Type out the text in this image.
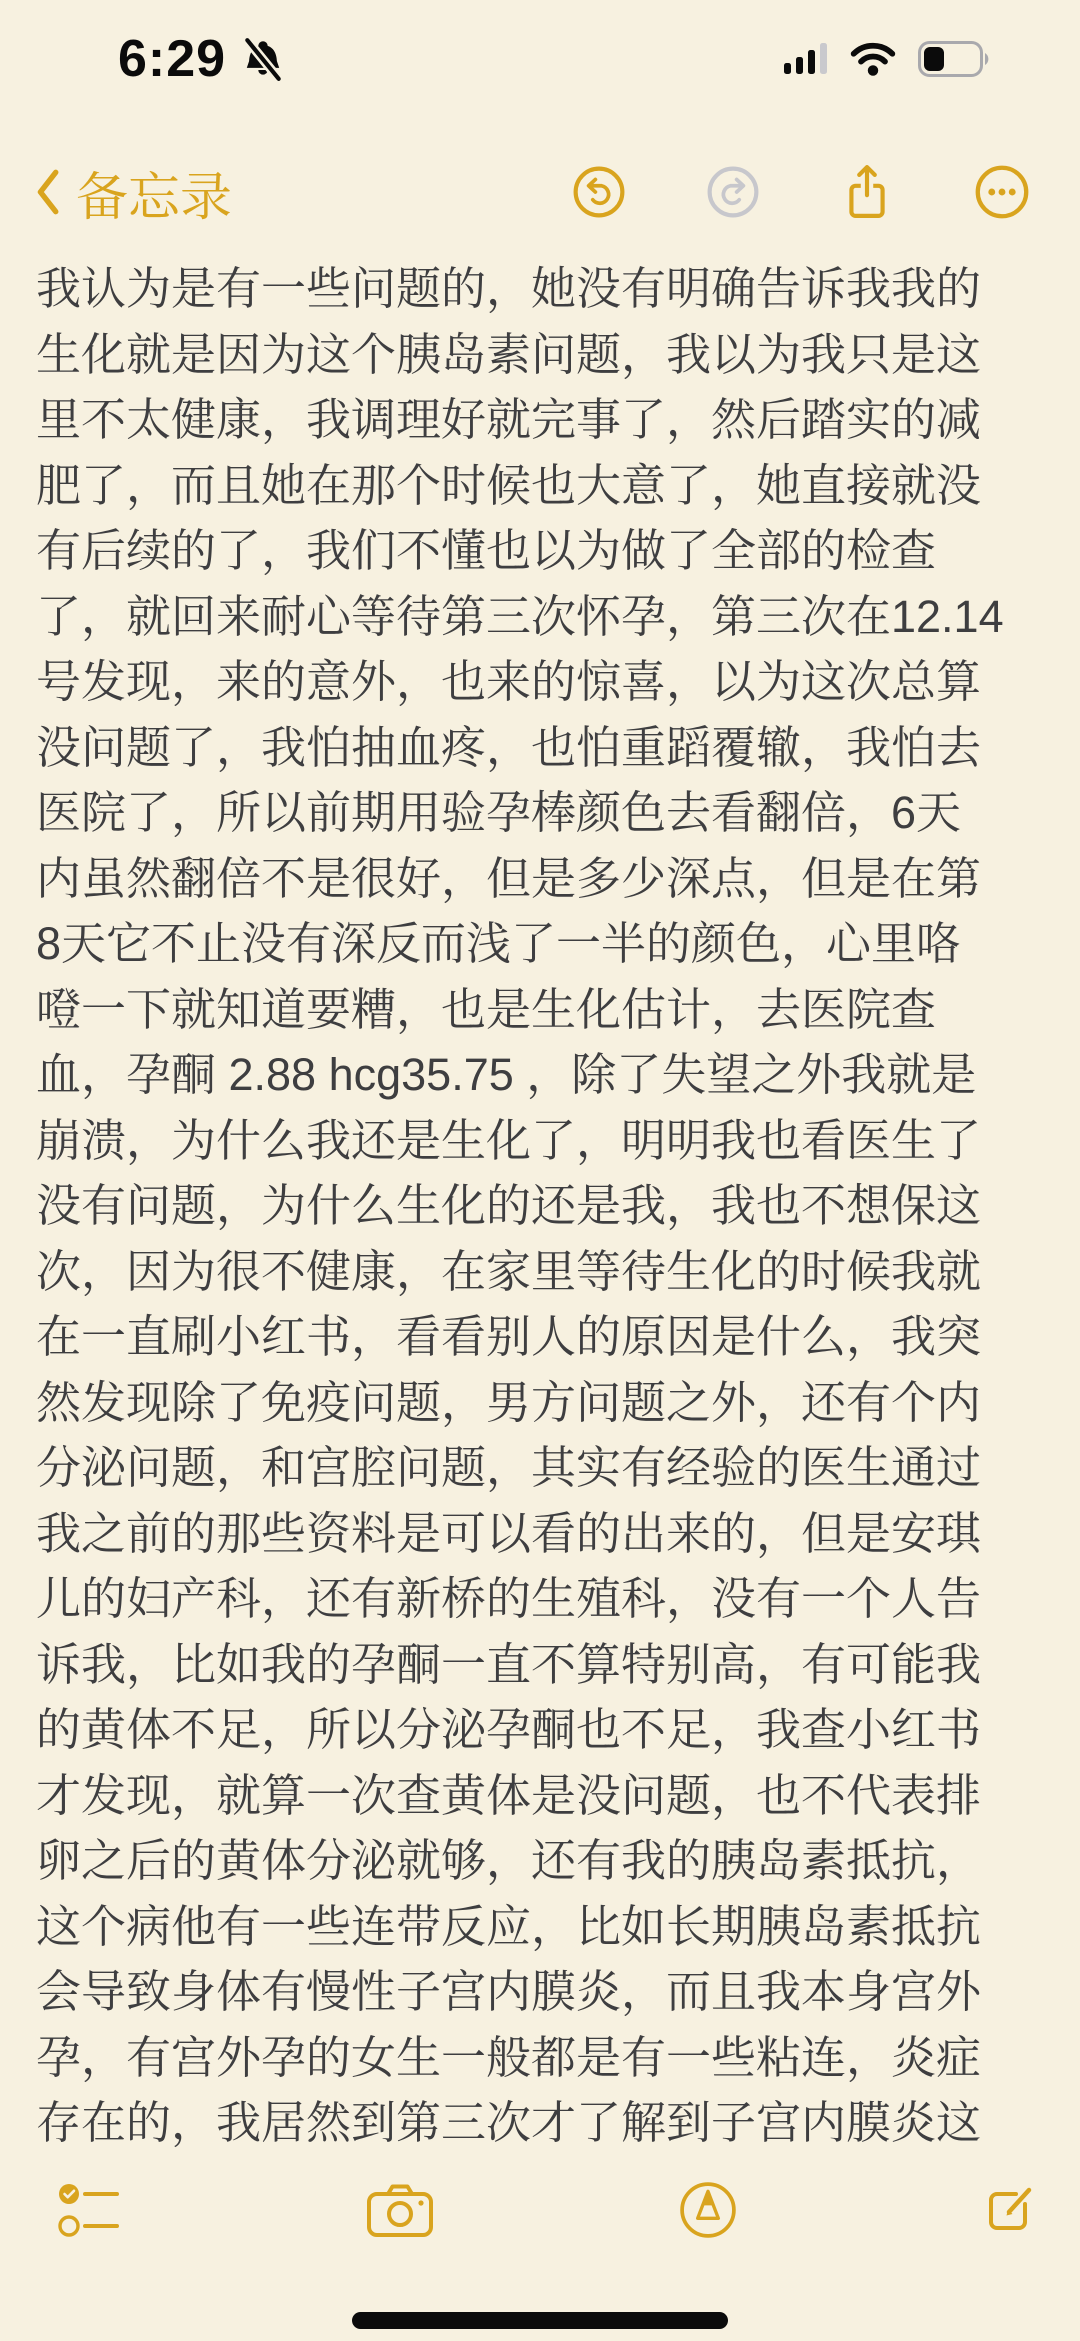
6:29
备忘录
我认为是有一些问题的，她没有明确告诉我我的
生化就是因为这个胰岛素问题，我以为我只是这
里不太健康，我调理好就完事了，然后踏实的减
肥了，而且她在那个时候也大意了，她直接就没
有后续的了，我们不懂也以为做了全部的检查
了，就回来耐心等待第三次怀孕，第三次在12.14
号发现，来的意外，也来的惊喜，以为这次总算
没问题了，我怕抽血疼，也怕重蹈覆辙，我怕去
医院了，所以前期用验孕棒颜色去看翻倍，6天
内虽然翻倍不是很好，但是多少深点，但是在第
8天它不止没有深反而浅了一半的颜色，心里咯
噔一下就知道要糟，也是生化估计，去医院查
血，孕酮 2.88 hcg35.75 ，除了失望之外我就是
崩溃，为什么我还是生化了，明明我也看医生了
没有问题，为什么生化的还是我，我也不想保这
次，因为很不健康，在家里等待生化的时候我就
在一直刷小红书，看看别人的原因是什么，我突
然发现除了免疫问题，男方问题之外，还有个内
分泌问题，和宫腔问题，其实有经验的医生通过
我之前的那些资料是可以看的出来的，但是安琪
儿的妇产科，还有新桥的生殖科，没有一个人告
诉我，比如我的孕酮一直不算特别高，有可能我
的黄体不足，所以分泌孕酮也不足，我查小红书
才发现，就算一次查黄体是没问题，也不代表排
卵之后的黄体分泌就够，还有我的胰岛素抵抗，
这个病他有一些连带反应，比如长期胰岛素抵抗
会导致身体有慢性子宫内膜炎，而且我本身宫外
孕，有宫外孕的女生一般都是有一些粘连，炎症
存在的，我居然到第三次才了解到子宫内膜炎这
